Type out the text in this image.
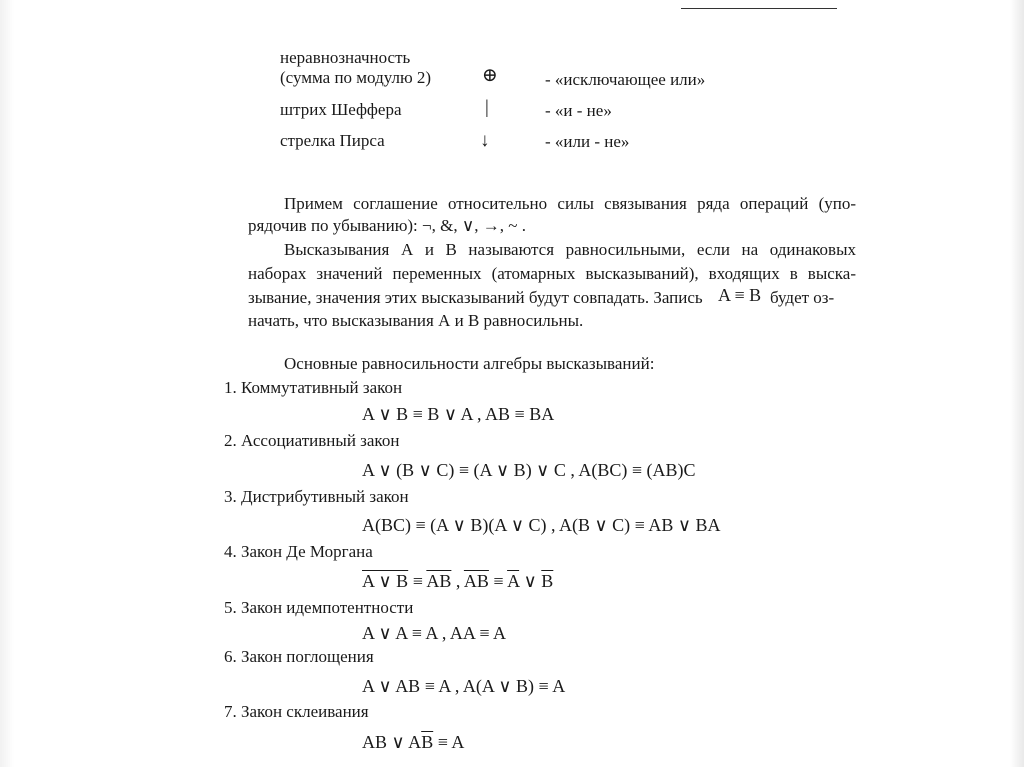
неравнозначность
(сумма по модулю 2)	⊕	- «исключающее или»
штрих Шеффера	|	- «и - не»
стрелка Пирса	↓	- «или - не»
Примем соглашение относительно силы связывания ряда операций (упо-
рядочив по убыванию): ¬, &, ∨, →, ~ .
Высказывания А и В называются равносильными, если на одинаковых
наборах значений переменных (атомарных высказываний), входящих в выска-
зывание, значения этих высказываний будут совпадать. Запись A ≡ B будет оз-
начать, что высказывания А и В равносильны.
Основные равносильности алгебры высказываний:
1. Коммутативный закон
A ∨ B ≡ B ∨ A , AB ≡ BA
2. Ассоциативный закон
A ∨ (B ∨ C) ≡ (A ∨ B) ∨ C , A(BC) ≡ (AB)C
3. Дистрибутивный закон
A(BC) ≡ (A ∨ B)(A ∨ C) , A(B ∨ C) ≡ AB ∨ BA
4. Закон Де Моргана
A ∨ $B \equiv \overline{AB}$ , $\overline{AB} \equiv \overline{A}$ ∨ $\overline{B}$
5. Закон идемпотентности
A ∨ A ≡ A , AA ≡ A
6. Закон поглощения
A ∨ AB ≡ A , A(A ∨ B) ≡ A
7. Закон склеивания
AB ∨ $A\overline{B} \equiv A$
